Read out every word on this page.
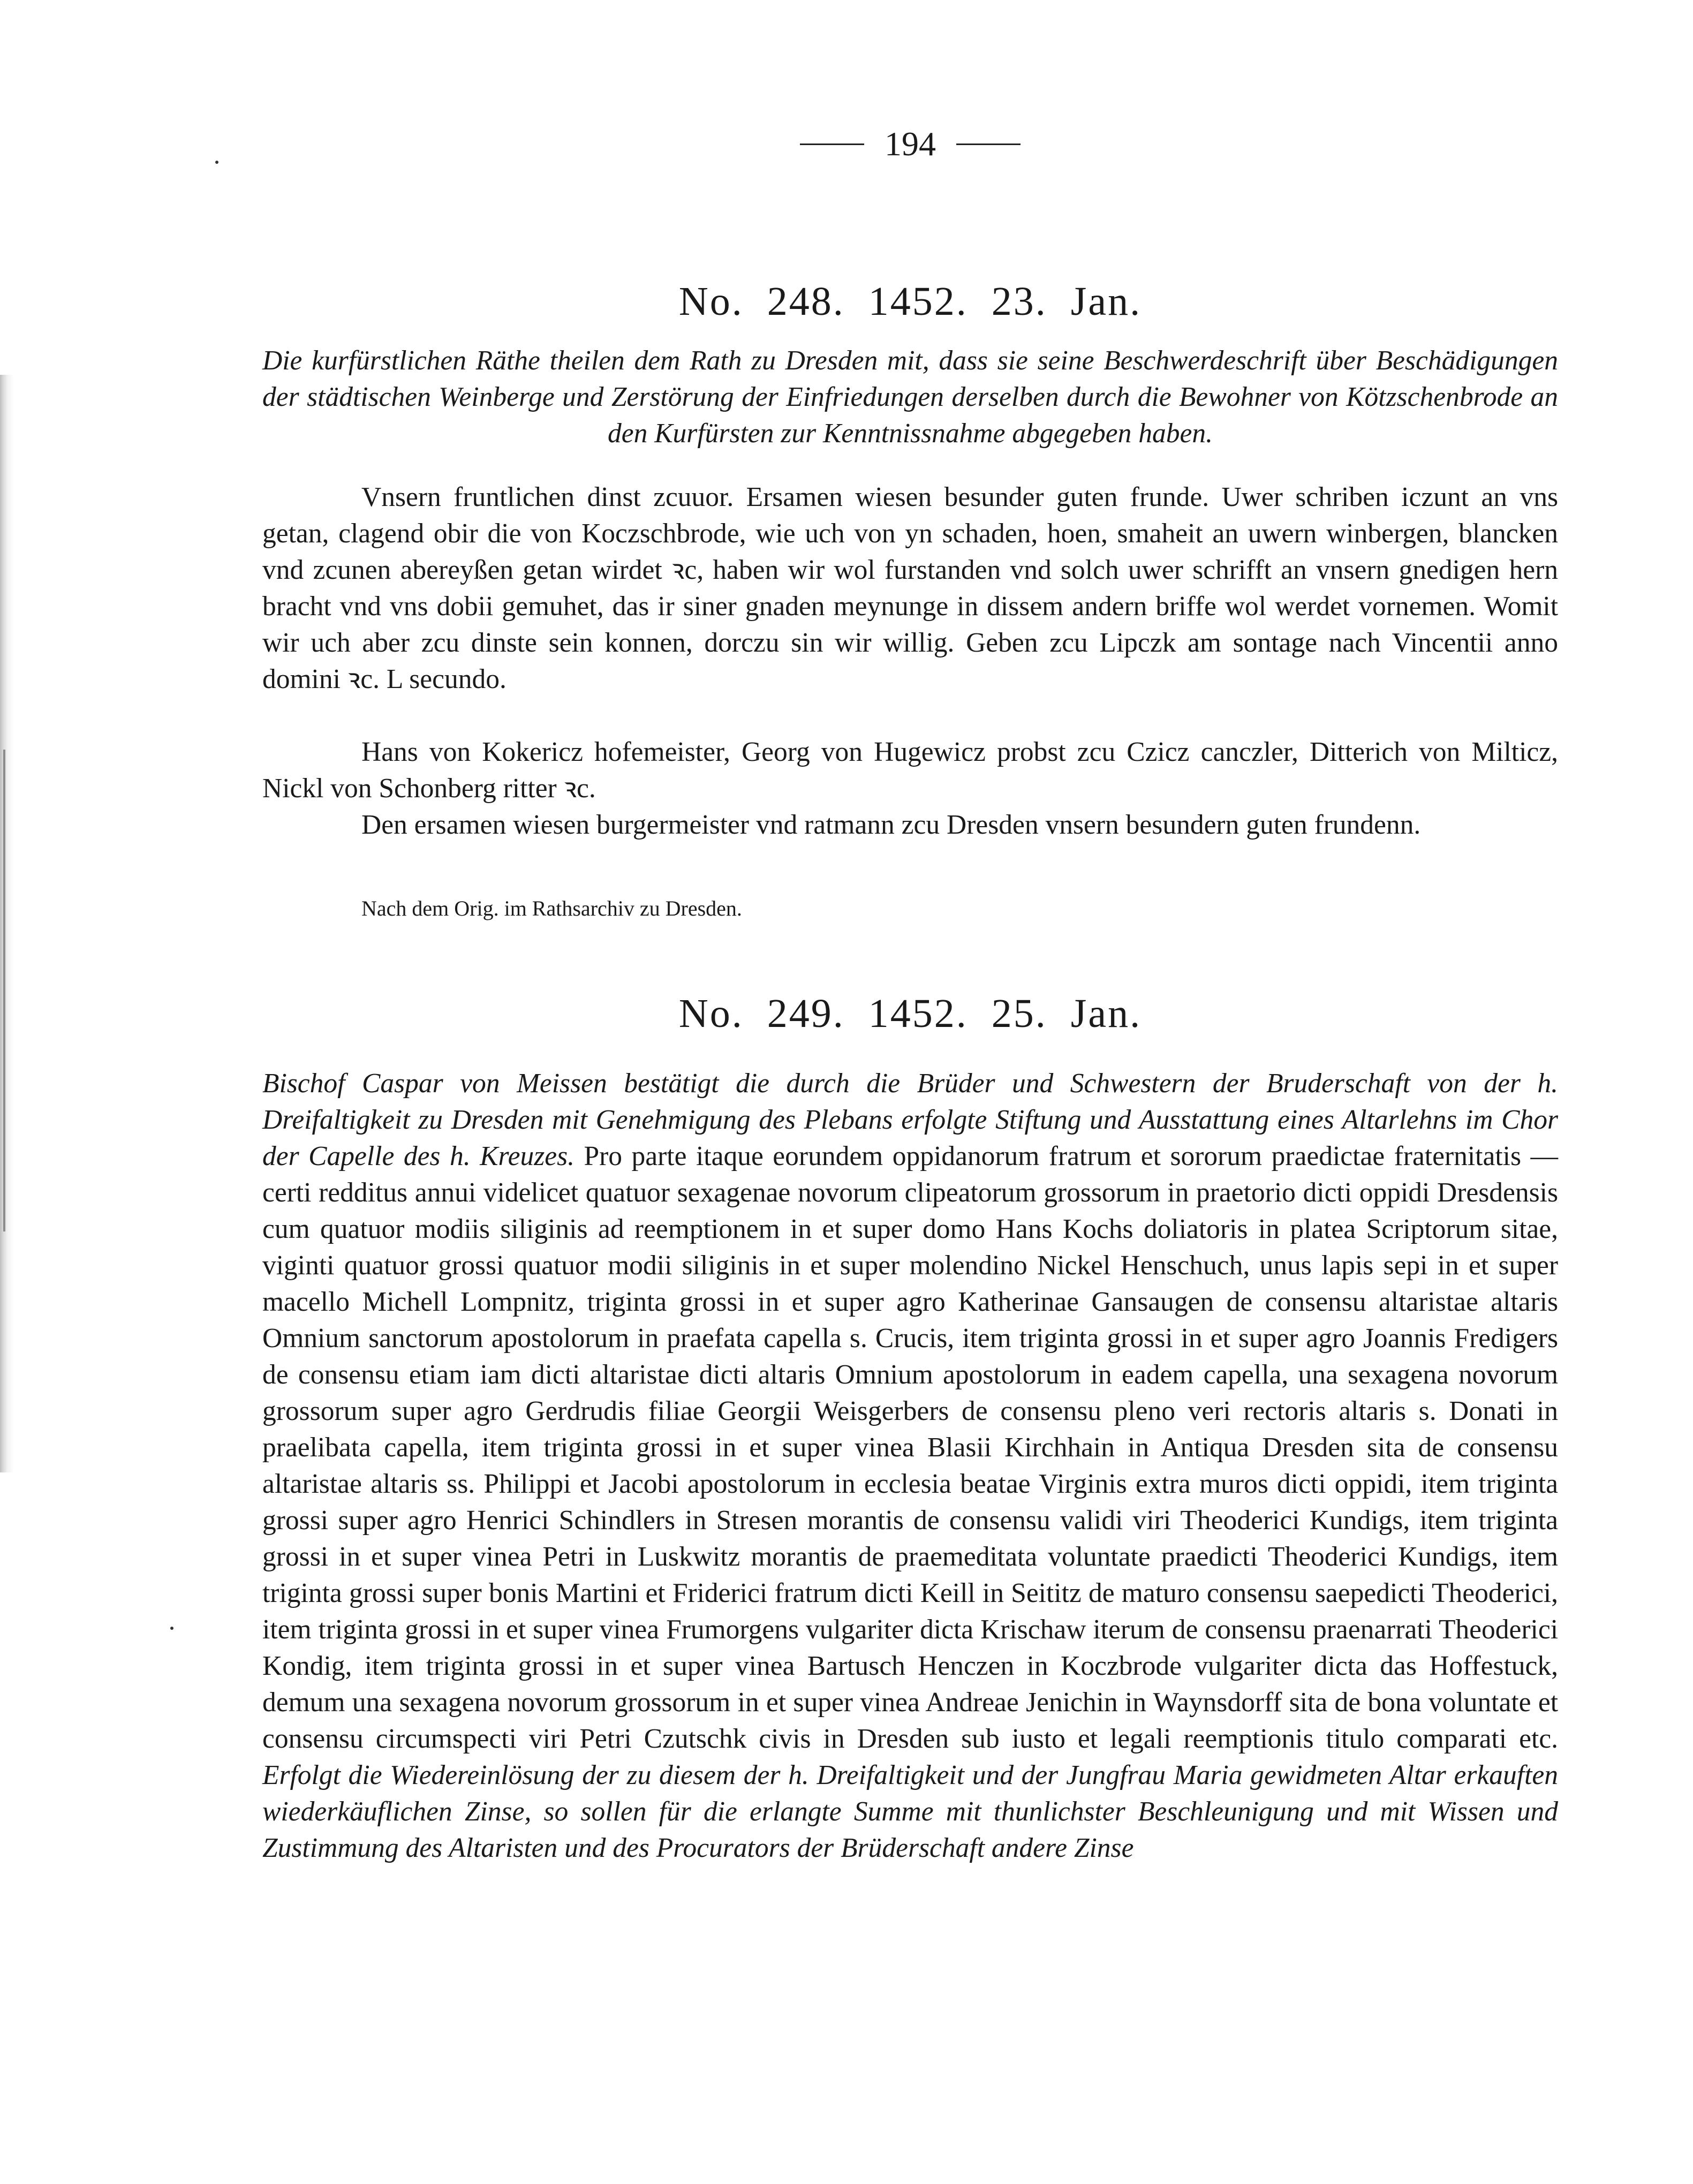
194
No. 248. 1452. 23. Jan.

Die kurfürstlichen Räthe theilen dem Rath zu Dresden mit, dass sie seine Beschwerdeschrift über Beschädigungen der städtischen Weinberge und Zerstörung der Einfriedungen derselben durch die Bewohner von Kötzschenbrode an den Kurfürsten zur Kenntnissnahme abgegeben haben.

Vnsern fruntlichen dinst zcuuor. Ersamen wiesen besunder guten frunde. Uwer schriben iczunt an vns getan, clagend obir die von Koczschbrode, wie uch von yn schaden, hoen, smaheit an uwern winbergen, blancken vnd zcunen abereyßen getan wirdet ꝛc, haben wir wol furstanden vnd solch uwer schrifft an vnsern gnedigen hern bracht vnd vns dobii gemuhet, das ir siner gnaden meynunge in dissem andern briffe wol werdet vornemen. Womit wir uch aber zcu dinste sein konnen, dorczu sin wir willig. Geben zcu Lipczk am sontage nach Vincentii anno domini ꝛc. L secundo.

Hans von Kokericz hofemeister, Georg von Hugewicz probst zcu Czicz canczler, Ditterich von Milticz, Nickl von Schonberg ritter ꝛc.

Den ersamen wiesen burgermeister vnd ratmann zcu Dresden vnsern besundern guten frundenn.

Nach dem Orig. im Rathsarchiv zu Dresden.
No. 249. 1452. 25. Jan.

Bischof Caspar von Meissen bestätigt die durch die Brüder und Schwestern der Bruderschaft von der h. Dreifaltigkeit zu Dresden mit Genehmigung des Plebans erfolgte Stiftung und Ausstattung eines Altarlehns im Chor der Capelle des h. Kreuzes. Pro parte itaque eorundem oppidanorum fratrum et sororum praedictae fraternitatis — certi redditus annui videlicet quatuor sexagenae novorum clipeatorum grossorum in praetorio dicti oppidi Dresdensis cum quatuor modiis siliginis ad reemptionem in et super domo Hans Kochs doliatoris in platea Scriptorum sitae, viginti quatuor grossi quatuor modii siliginis in et super molendino Nickel Henschuch, unus lapis sepi in et super macello Michell Lompnitz, triginta grossi in et super agro Katherinae Gansaugen de consensu altaristae altaris Omnium sanctorum apostolorum in praefata capella s. Crucis, item triginta grossi in et super agro Joannis Fredigers de consensu etiam iam dicti altaristae dicti altaris Omnium apostolorum in eadem capella, una sexagena novorum grossorum super agro Gerdrudis filiae Georgii Weisgerbers de consensu pleno veri rectoris altaris s. Donati in praelibata capella, item triginta grossi in et super vinea Blasii Kirchhain in Antiqua Dresden sita de consensu altaristae altaris ss. Philippi et Jacobi apostolorum in ecclesia beatae Virginis extra muros dicti oppidi, item triginta grossi super agro Henrici Schindlers in Stresen morantis de consensu validi viri Theoderici Kundigs, item triginta grossi in et super vinea Petri in Luskwitz morantis de praemeditata voluntate praedicti Theoderici Kundigs, item triginta grossi super bonis Martini et Friderici fratrum dicti Keill in Seititz de maturo consensu saepedicti Theoderici, item triginta grossi in et super vinea Frumorgens vulgariter dicta Krischaw iterum de consensu praenarrati Theoderici Kondig, item triginta grossi in et super vinea Bartusch Henczen in Koczbrode vulgariter dicta das Hoffestuck, demum una sexagena novorum grossorum in et super vinea Andreae Jenichin in Waynsdorff sita de bona voluntate et consensu circumspecti viri Petri Czutschk civis in Dresden sub iusto et legali reemptionis titulo comparati etc. Erfolgt die Wiedereinlösung der zu diesem der h. Dreifaltigkeit und der Jungfrau Maria gewidmeten Altar erkauften wiederkäuflichen Zinse, so sollen für die erlangte Summe mit thunlichster Beschleunigung und mit Wissen und Zustimmung des Altaristen und des Procurators der Brüderschaft andere Zinse
